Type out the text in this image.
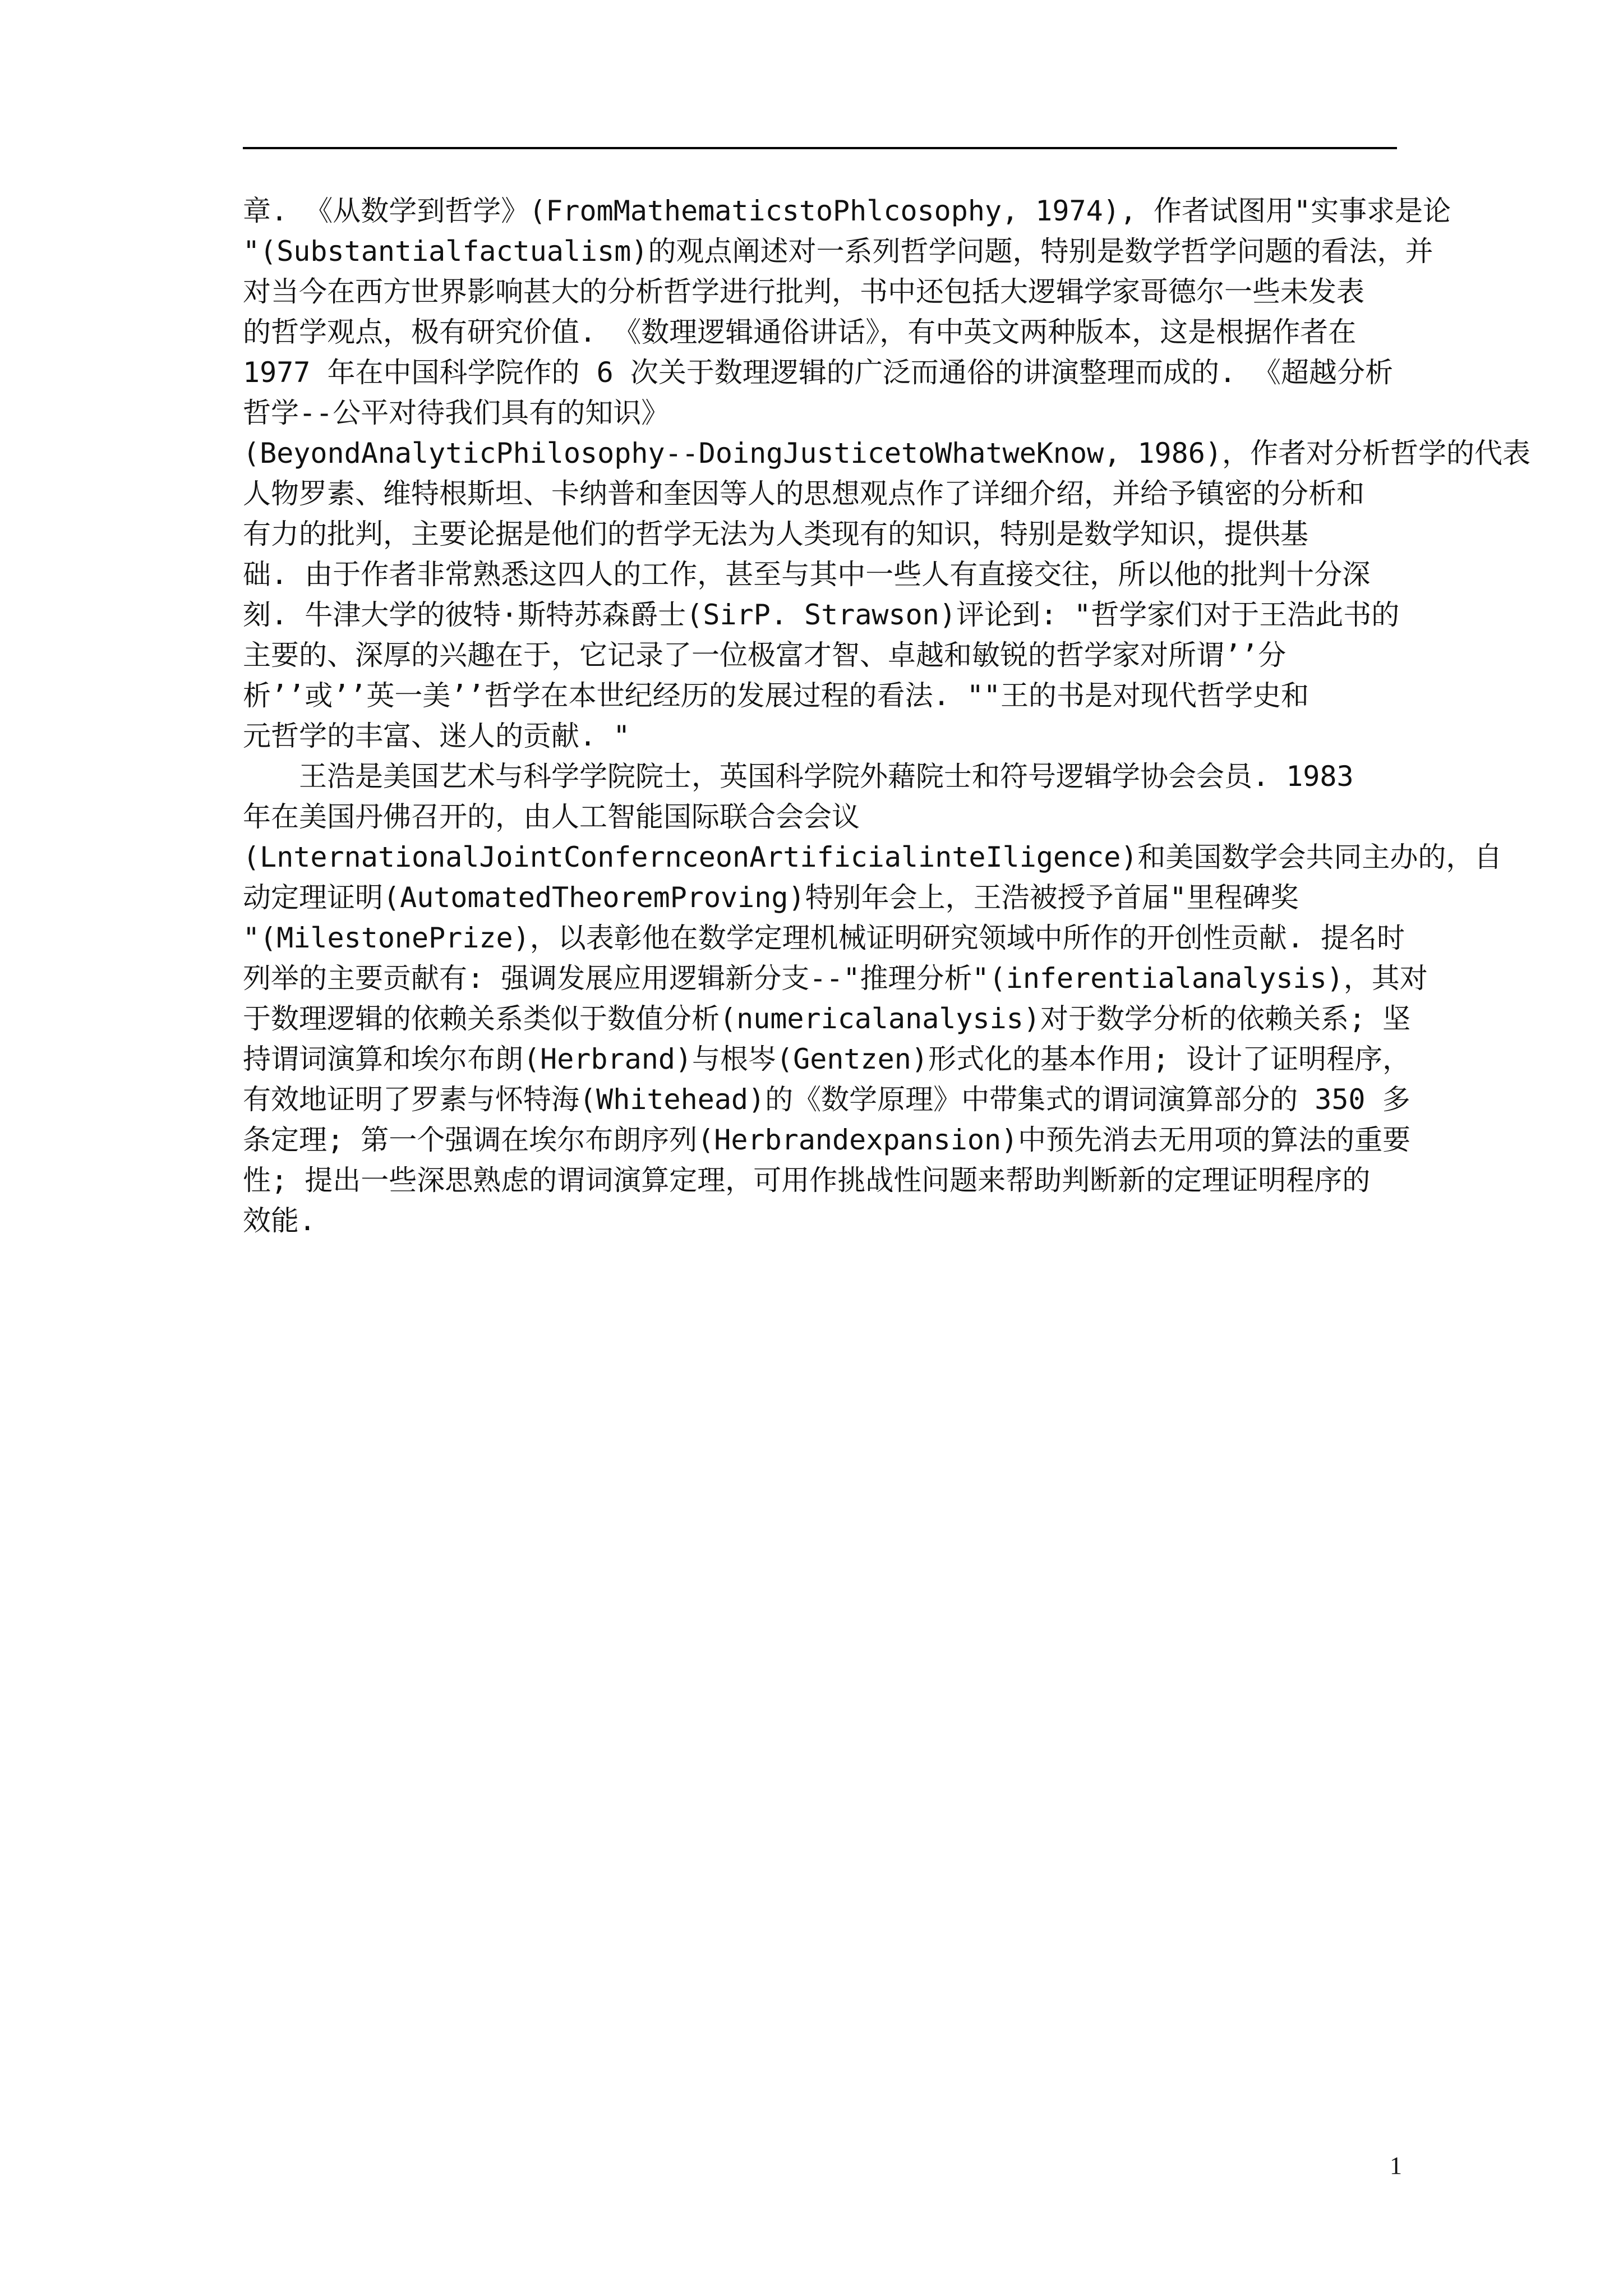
章. 《从数学到哲学》(FromMathematicstoPhlcosophy, 1974), 作者试图用"实事求是论
"(Substantialfactualism)的观点阐述对一系列哲学问题，特别是数学哲学问题的看法，并
对当今在西方世界影响甚大的分析哲学进行批判，书中还包括大逻辑学家哥德尔一些未发表
的哲学观点，极有研究价值. 《数理逻辑通俗讲话》，有中英文两种版本，这是根据作者在
1977 年在中国科学院作的 6 次关于数理逻辑的广泛而通俗的讲演整理而成的. 《超越分析
哲学--公平对待我们具有的知识》
(BeyondAnalyticPhilosophy--DoingJusticetoWhatweKnow, 1986)，作者对分析哲学的代表
人物罗素、维特根斯坦、卡纳普和奎因等人的思想观点作了详细介绍，并给予镇密的分析和
有力的批判，主要论据是他们的哲学无法为人类现有的知识，特别是数学知识，提供基
础. 由于作者非常熟悉这四人的工作，甚至与其中一些人有直接交往，所以他的批判十分深
刻. 牛津大学的彼特·斯特苏森爵士(SirP. Strawson)评论到: "哲学家们对于王浩此书的
主要的、深厚的兴趣在于，它记录了一位极富才智、卓越和敏锐的哲学家对所谓’’分
析’’或’’英一美’’哲学在本世纪经历的发展过程的看法. ""王的书是对现代哲学史和
元哲学的丰富、迷人的贡献. "
王浩是美国艺术与科学学院院士，英国科学院外藉院士和符号逻辑学协会会员. 1983
年在美国丹佛召开的，由人工智能国际联合会会议
(LnternationalJointConfernceonArtificialinteIligence)和美国数学会共同主办的，自
动定理证明(AutomatedTheoremProving)特别年会上，王浩被授予首届"里程碑奖
"(MilestonePrize)，以表彰他在数学定理机械证明研究领域中所作的开创性贡献. 提名时
列举的主要贡献有: 强调发展应用逻辑新分支--"推理分析"(inferentialanalysis)，其对
于数理逻辑的依赖关系类似于数值分析(numericalanalysis)对于数学分析的依赖关系; 坚
持谓词演算和埃尔布朗(Herbrand)与根岑(Gentzen)形式化的基本作用; 设计了证明程序，
有效地证明了罗素与怀特海(Whitehead)的《数学原理》中带集式的谓词演算部分的 350 多
条定理; 第一个强调在埃尔布朗序列(Herbrandexpansion)中预先消去无用项的算法的重要
性; 提出一些深思熟虑的谓词演算定理，可用作挑战性问题来帮助判断新的定理证明程序的
效能.
1
